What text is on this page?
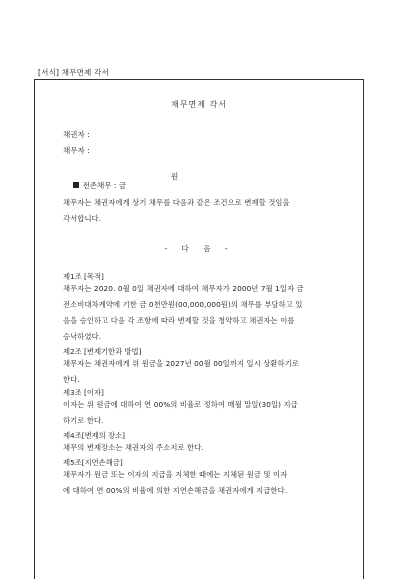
[서식] 채무면제 각서
채무면제 각서
채권자 :
채무자 :

전존채무 : 금

원

채무자는 채권자에게 상기 채무를 다음과 같은 조건으로 변제할 것임을
각서합니다.
- 다 음 -
제1조 [목적]
채무자는 2020. 0월 0일 채권자에 대하여 채무자가 2000년 7월 1일자 금
전소비대차계약에 기한 금 0천만원(00,000,000원)의 채무를 부담하고 있
음을 승인하고 다음 각 조항에 따라 변제할 것을 청약하고 채권자는 이를
승낙하였다.
제2조 [변제기한과 방법]
채무자는 채권자에게 위 원금을 2027년 00월 00일까지 일시 상환하기로
한다.
제3조 [이자]
이자는 위 원금에 대하여 연 00%의 비율로 정하여 매월 말일(30일) 지급
하기로 한다.
제4조[변제의 장소]
채무의 변제장소는 채권자의 주소지로 한다.
제5조[지연손해금]
채무자가 원금 또는 이자의 지급을 지체한 때에는 지체된 원금 및 이자
에 대하여 연 00%의 비율에 의한 지연손해금을 채권자에게 지급한다.
